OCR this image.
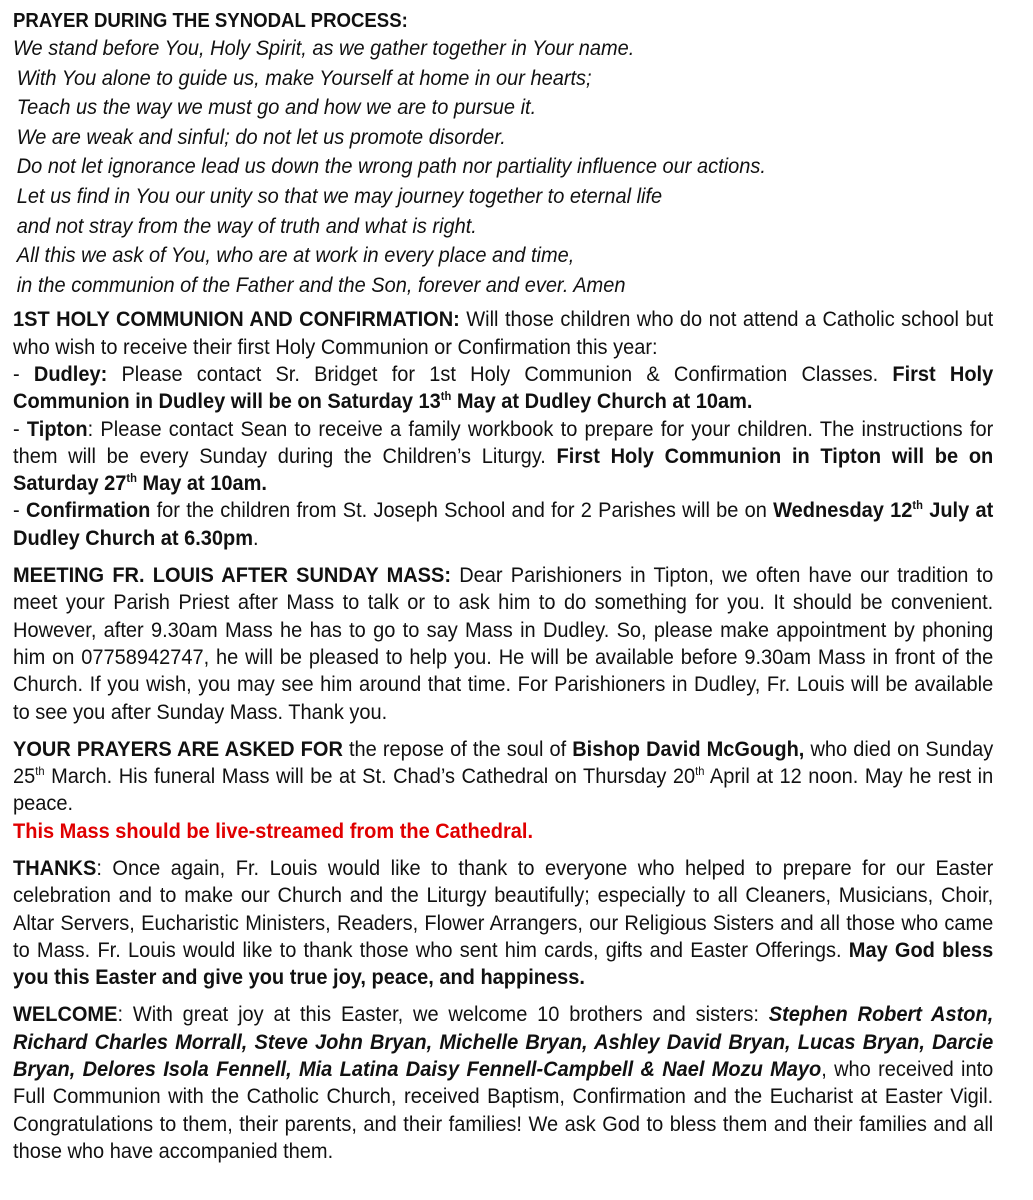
PRAYER DURING THE SYNODAL PROCESS:
We stand before You, Holy Spirit, as we gather together in Your name.
With You alone to guide us, make Yourself at home in our hearts;
Teach us the way we must go and how we are to pursue it.
We are weak and sinful; do not let us promote disorder.
Do not let ignorance lead us down the wrong path nor partiality influence our actions.
Let us find in You our unity so that we may journey together to eternal life
and not stray from the way of truth and what is right.
All this we ask of You, who are at work in every place and time,
in the communion of the Father and the Son, forever and ever. Amen

1ST HOLY COMMUNION AND CONFIRMATION: Will those children who do not attend a Catholic school but who wish to receive their first Holy Communion or Confirmation this year:
- Dudley: Please contact Sr. Bridget for 1st Holy Communion & Confirmation Classes. First Holy Communion in Dudley will be on Saturday 13th May at Dudley Church at 10am.
- Tipton: Please contact Sean to receive a family workbook to prepare for your children. The instructions for them will be every Sunday during the Children’s Liturgy. First Holy Communion in Tipton will be on Saturday 27th May at 10am.
- Confirmation for the children from St. Joseph School and for 2 Parishes will be on Wednesday 12th July at Dudley Church at 6.30pm.

MEETING FR. LOUIS AFTER SUNDAY MASS: Dear Parishioners in Tipton, we often have our tradition to meet your Parish Priest after Mass to talk or to ask him to do something for you. It should be convenient. However, after 9.30am Mass he has to go to say Mass in Dudley. So, please make appointment by phoning him on 07758942747, he will be pleased to help you. He will be available before 9.30am Mass in front of the Church. If you wish, you may see him around that time. For Parishioners in Dudley, Fr. Louis will be available to see you after Sunday Mass. Thank you.

YOUR PRAYERS ARE ASKED FOR the repose of the soul of Bishop David McGough, who died on Sunday 25th March. His funeral Mass will be at St. Chad’s Cathedral on Thursday 20th April at 12 noon. May he rest in peace.

This Mass should be live-streamed from the Cathedral.

THANKS: Once again, Fr. Louis would like to thank to everyone who helped to prepare for our Easter celebration and to make our Church and the Liturgy beautifully; especially to all Cleaners, Musicians, Choir, Altar Servers, Eucharistic Ministers, Readers, Flower Arrangers, our Religious Sisters and all those who came to Mass. Fr. Louis would like to thank those who sent him cards, gifts and Easter Offerings. May God bless you this Easter and give you true joy, peace, and happiness.

WELCOME: With great joy at this Easter, we welcome 10 brothers and sisters: Stephen Robert Aston, Richard Charles Morrall, Steve John Bryan, Michelle Bryan, Ashley David Bryan, Lucas Bryan, Darcie Bryan, Delores Isola Fennell, Mia Latina Daisy Fennell-Campbell & Nael Mozu Mayo, who received into Full Communion with the Catholic Church, received Baptism, Confirmation and the Eucharist at Easter Vigil. Congratulations to them, their parents, and their families! We ask God to bless them and their families and all those who have accompanied them.
